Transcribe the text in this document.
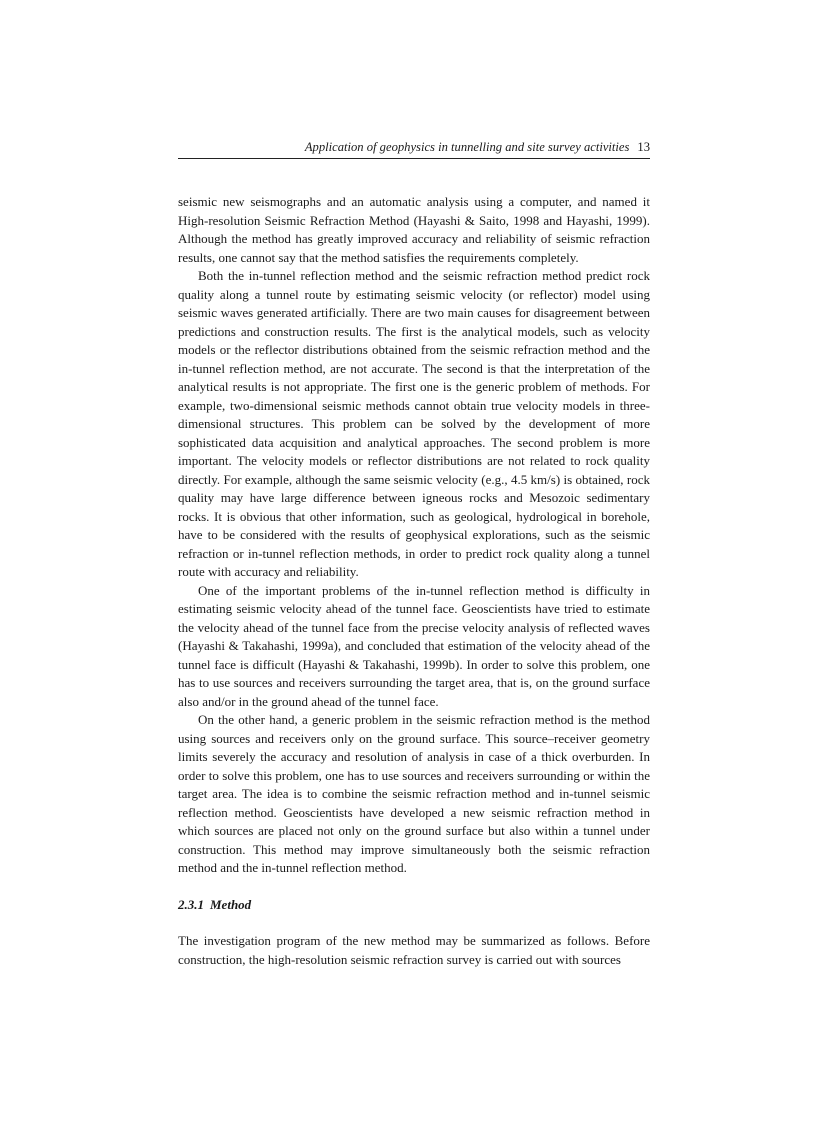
Application of geophysics in tunnelling and site survey activities 13

seismic new seismographs and an automatic analysis using a computer, and named it High-resolution Seismic Refraction Method (Hayashi & Saito, 1998 and Hayashi, 1999). Although the method has greatly improved accuracy and reliability of seismic refraction results, one cannot say that the method satisfies the requirements completely.

Both the in-tunnel reflection method and the seismic refraction method predict rock quality along a tunnel route by estimating seismic velocity (or reflector) model using seismic waves generated artificially. There are two main causes for disagreement between predictions and construction results. The first is the analytical models, such as velocity models or the reflector distributions obtained from the seismic refraction method and the in-tunnel reflection method, are not accurate. The second is that the interpretation of the analytical results is not appropriate. The first one is the generic problem of methods. For example, two-dimensional seismic methods cannot obtain true velocity models in three-dimensional structures. This problem can be solved by the development of more sophisticated data acquisition and analytical approaches. The second problem is more important. The velocity models or reflector distributions are not related to rock quality directly. For example, although the same seismic velocity (e.g., 4.5 km/s) is obtained, rock quality may have large difference between igneous rocks and Mesozoic sedimentary rocks. It is obvious that other information, such as geological, hydrological in borehole, have to be considered with the results of geophysical explorations, such as the seismic refraction or in-tunnel reflection methods, in order to predict rock quality along a tunnel route with accuracy and reliability.

One of the important problems of the in-tunnel reflection method is difficulty in estimating seismic velocity ahead of the tunnel face. Geoscientists have tried to estimate the velocity ahead of the tunnel face from the precise velocity analysis of reflected waves (Hayashi & Takahashi, 1999a), and concluded that estimation of the velocity ahead of the tunnel face is difficult (Hayashi & Takahashi, 1999b). In order to solve this problem, one has to use sources and receivers surrounding the target area, that is, on the ground surface also and/or in the ground ahead of the tunnel face.

On the other hand, a generic problem in the seismic refraction method is the method using sources and receivers only on the ground surface. This source–receiver geometry limits severely the accuracy and resolution of analysis in case of a thick overburden. In order to solve this problem, one has to use sources and receivers surrounding or within the target area. The idea is to combine the seismic refraction method and in-tunnel seismic reflection method. Geoscientists have developed a new seismic refraction method in which sources are placed not only on the ground surface but also within a tunnel under construction. This method may improve simultaneously both the seismic refraction method and the in-tunnel reflection method.

2.3.1 Method

The investigation program of the new method may be summarized as follows. Before construction, the high-resolution seismic refraction survey is carried out with sources
